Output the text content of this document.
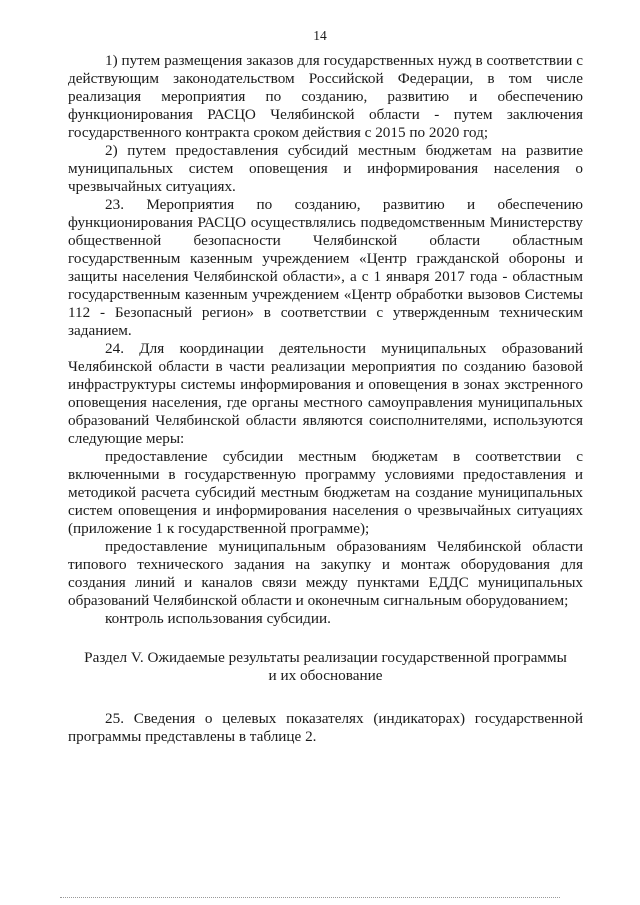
14

1) путем размещения заказов для государственных нужд в соответствии с действующим законодательством Российской Федерации, в том числе реализация мероприятия по созданию, развитию и обеспечению функционирования РАСЦО Челябинской области - путем заключения государственного контракта сроком действия с 2015 по 2020 год;

2) путем предоставления субсидий местным бюджетам на развитие муниципальных систем оповещения и информирования населения о чрезвычайных ситуациях.

23. Мероприятия по созданию, развитию и обеспечению функционирования РАСЦО осуществлялись подведомственным Министерству общественной безопасности Челябинской области областным государственным казенным учреждением «Центр гражданской обороны и защиты населения Челябинской области», а с 1 января 2017 года - областным государственным казенным учреждением «Центр обработки вызовов Системы 112 - Безопасный регион» в соответствии с утвержденным техническим заданием.

24. Для координации деятельности муниципальных образований Челябинской области в части реализации мероприятия по созданию базовой инфраструктуры системы информирования и оповещения в зонах экстренного оповещения населения, где органы местного самоуправления муниципальных образований Челябинской области являются соисполнителями, используются следующие меры:

предоставление субсидии местным бюджетам в соответствии с включенными в государственную программу условиями предоставления и методикой расчета субсидий местным бюджетам на создание муниципальных систем оповещения и информирования населения о чрезвычайных ситуациях (приложение 1 к государственной программе);

предоставление муниципальным образованиям Челябинской области типового технического задания на закупку и монтаж оборудования для создания линий и каналов связи между пунктами ЕДДС муниципальных образований Челябинской области и оконечным сигнальным оборудованием;

контроль использования субсидии.

Раздел V. Ожидаемые результаты реализации государственной программы
и их обоснование

25. Сведения о целевых показателях (индикаторах) государственной программы представлены в таблице 2.
